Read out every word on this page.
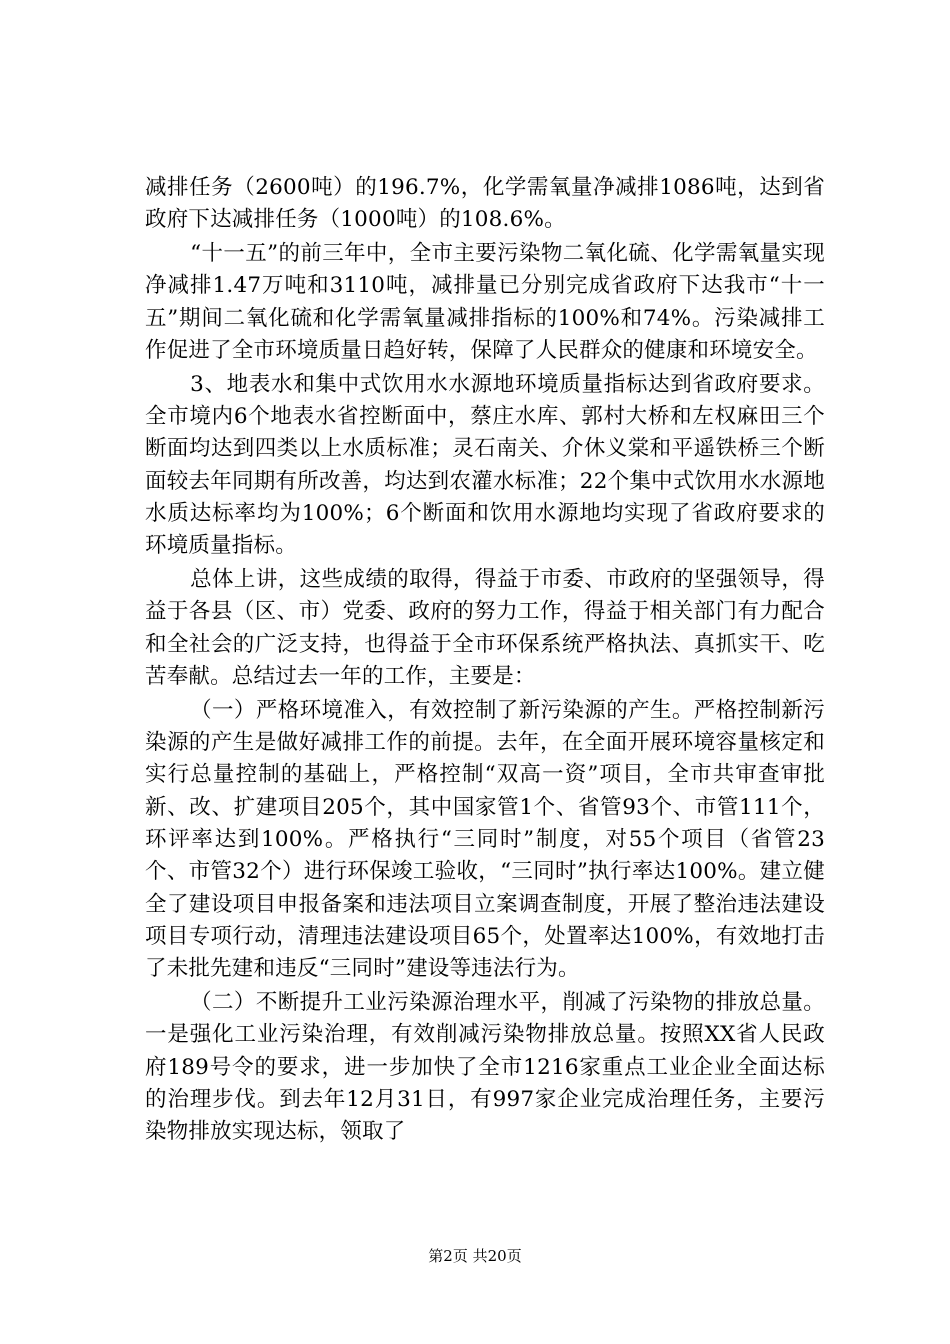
减排任务（2600吨）的196.7%，化学需氧量净减排1086吨，达到省政府下达减排任务（1000吨）的108.6%。

“十一五”的前三年中，全市主要污染物二氧化硫、化学需氧量实现净减排1.47万吨和3110吨，减排量已分别完成省政府下达我市“十一五”期间二氧化硫和化学需氧量减排指标的100%和74%。污染减排工作促进了全市环境质量日趋好转，保障了人民群众的健康和环境安全。

3、地表水和集中式饮用水水源地环境质量指标达到省政府要求。全市境内6个地表水省控断面中，蔡庄水库、郭村大桥和左权麻田三个断面均达到四类以上水质标准；灵石南关、介休义棠和平遥铁桥三个断面较去年同期有所改善，均达到农灌水标准；22个集中式饮用水水源地水质达标率均为100%；6个断面和饮用水源地均实现了省政府要求的环境质量指标。

总体上讲，这些成绩的取得，得益于市委、市政府的坚强领导，得益于各县（区、市）党委、政府的努力工作，得益于相关部门有力配合和全社会的广泛支持，也得益于全市环保系统严格执法、真抓实干、吃苦奉献。总结过去一年的工作，主要是：

（一）严格环境准入，有效控制了新污染源的产生。严格控制新污染源的产生是做好减排工作的前提。去年，在全面开展环境容量核定和实行总量控制的基础上，严格控制“双高一资”项目，全市共审查审批新、改、扩建项目205个，其中国家管1个、省管93个、市管111个，环评率达到100%。严格执行“三同时”制度，对55个项目（省管23个、市管32个）进行环保竣工验收，“三同时”执行率达100%。建立健全了建设项目申报备案和违法项目立案调查制度，开展了整治违法建设项目专项行动，清理违法建设项目65个，处置率达100%，有效地打击了未批先建和违反“三同时”建设等违法行为。

（二）不断提升工业污染源治理水平，削减了污染物的排放总量。一是强化工业污染治理，有效削减污染物排放总量。按照XX省人民政府189号令的要求，进一步加快了全市1216家重点工业企业全面达标的治理步伐。到去年12月31日，有997家企业完成治理任务，主要污染物排放实现达标，领取了

第2页 共20页
